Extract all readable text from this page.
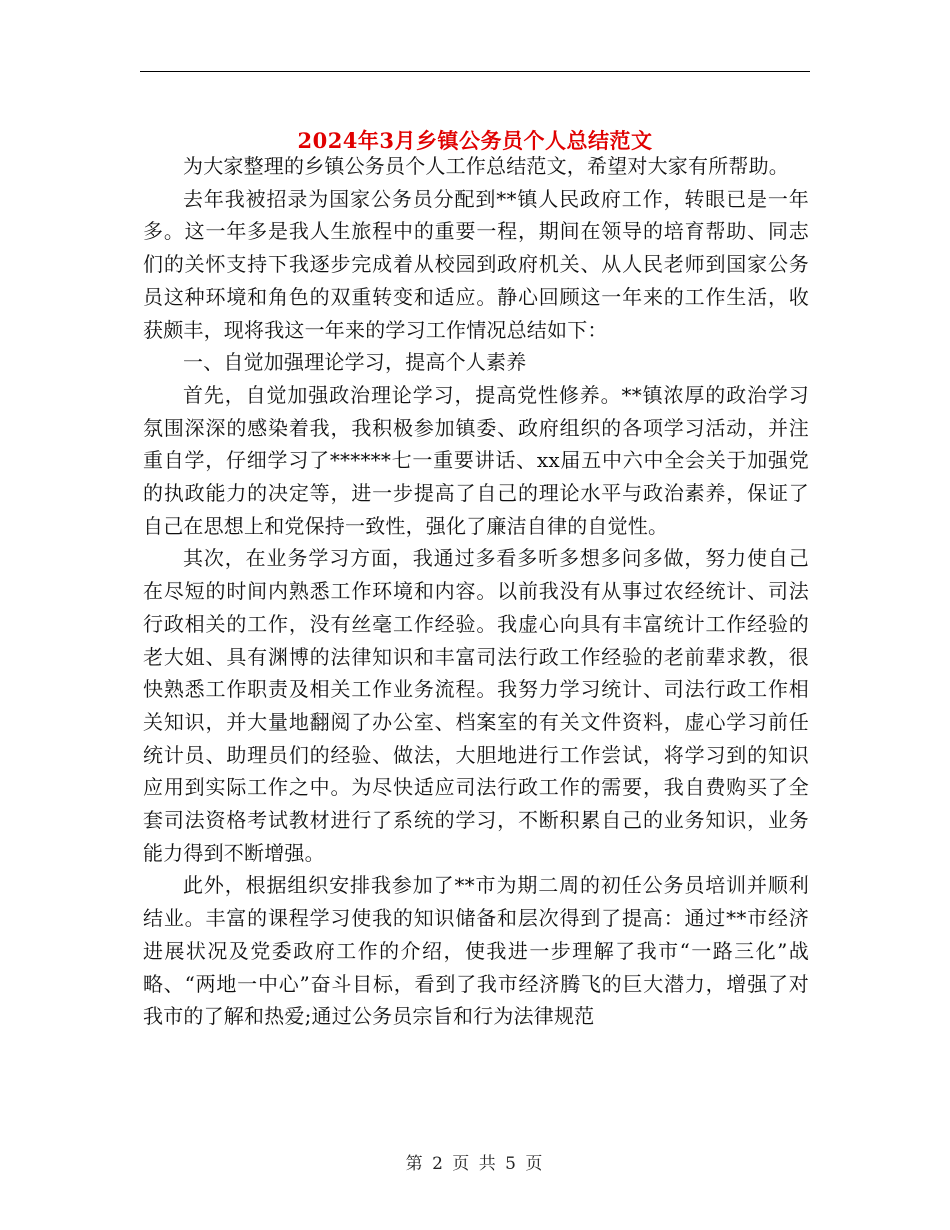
2024年3月乡镇公务员个人总结范文

为大家整理的乡镇公务员个人工作总结范文，希望对大家有所帮助。

去年我被招录为国家公务员分配到**镇人民政府工作，转眼已是一年多。这一年多是我人生旅程中的重要一程，期间在领导的培育帮助、同志们的关怀支持下我逐步完成着从校园到政府机关、从人民老师到国家公务员这种环境和角色的双重转变和适应。静心回顾这一年来的工作生活，收获颇丰，现将我这一年来的学习工作情况总结如下：

一、自觉加强理论学习，提高个人素养

首先，自觉加强政治理论学习，提高党性修养。**镇浓厚的政治学习氛围深深的感染着我，我积极参加镇委、政府组织的各项学习活动，并注重自学，仔细学习了******七一重要讲话、xx届五中六中全会关于加强党的执政能力的决定等，进一步提高了自己的理论水平与政治素养，保证了自己在思想上和党保持一致性，强化了廉洁自律的自觉性。

其次，在业务学习方面，我通过多看多听多想多问多做，努力使自己在尽短的时间内熟悉工作环境和内容。以前我没有从事过农经统计、司法行政相关的工作，没有丝毫工作经验。我虚心向具有丰富统计工作经验的老大姐、具有渊博的法律知识和丰富司法行政工作经验的老前辈求教，很快熟悉工作职责及相关工作业务流程。我努力学习统计、司法行政工作相关知识，并大量地翻阅了办公室、档案室的有关文件资料，虚心学习前任统计员、助理员们的经验、做法，大胆地进行工作尝试，将学习到的知识应用到实际工作之中。为尽快适应司法行政工作的需要，我自费购买了全套司法资格考试教材进行了系统的学习，不断积累自己的业务知识，业务能力得到不断增强。

此外，根据组织安排我参加了**市为期二周的初任公务员培训并顺利结业。丰富的课程学习使我的知识储备和层次得到了提高：通过**市经济进展状况及党委政府工作的介绍，使我进一步理解了我市“一路三化”战略、“两地一中心”奋斗目标，看到了我市经济腾飞的巨大潜力，增强了对我市的了解和热爱;通过公务员宗旨和行为法律规范

第 2 页 共 5 页
